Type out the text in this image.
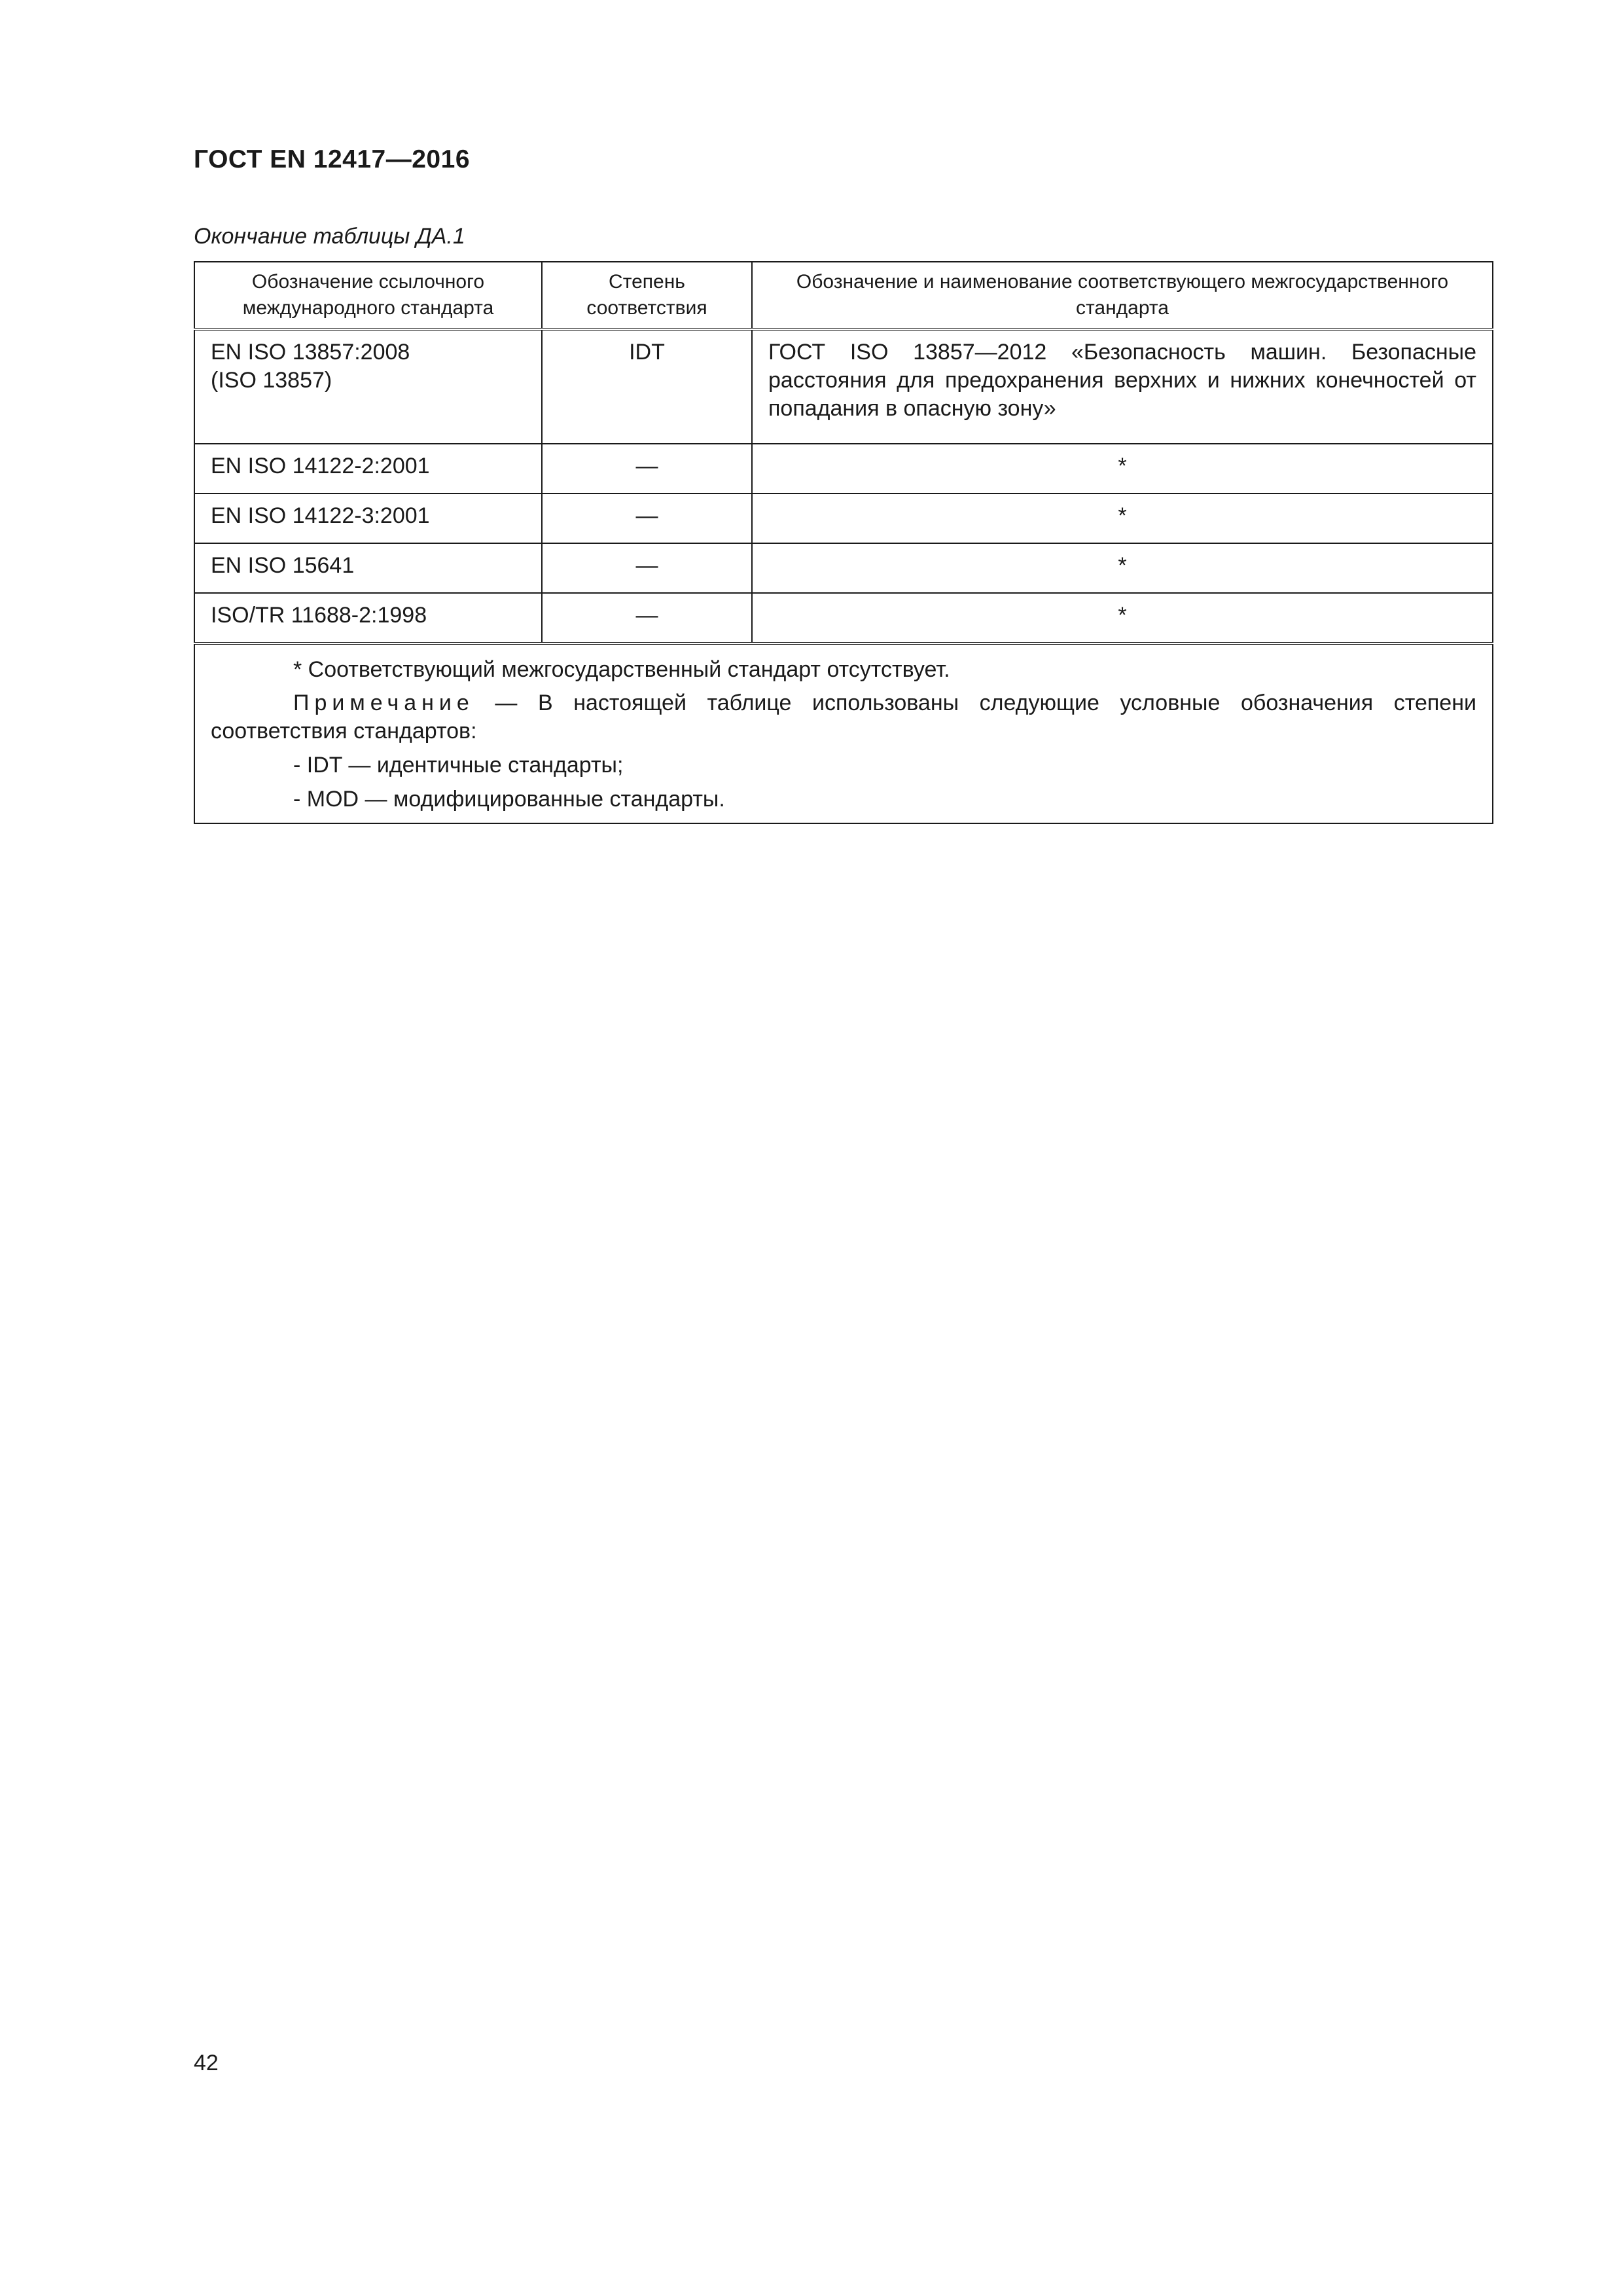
ГОСТ EN 12417—2016
Окончание таблицы ДА.1
Обозначение ссылочного международного стандарта	Степень соответствия	Обозначение и наименование соответствующего межгосударственного стандарта

EN ISO 13857:2008 (ISO 13857)	IDT	ГОСТ ISO 13857—2012 «Безопасность машин. Безопасные расстояния для предохранения верхних и нижних конечностей от попадания в опасную зону»
EN ISO 14122-2:2001	—	*
EN ISO 14122-3:2001	—	*
EN ISO 15641	—	*
ISO/TR 11688-2:1998	—	*

* Соответствующий межгосударственный стандарт отсутствует.
Примечание — В настоящей таблице использованы следующие условные обозначения степени соответствия стандартов:
- IDT — идентичные стандарты;
- MOD — модифицированные стандарты.		
42
